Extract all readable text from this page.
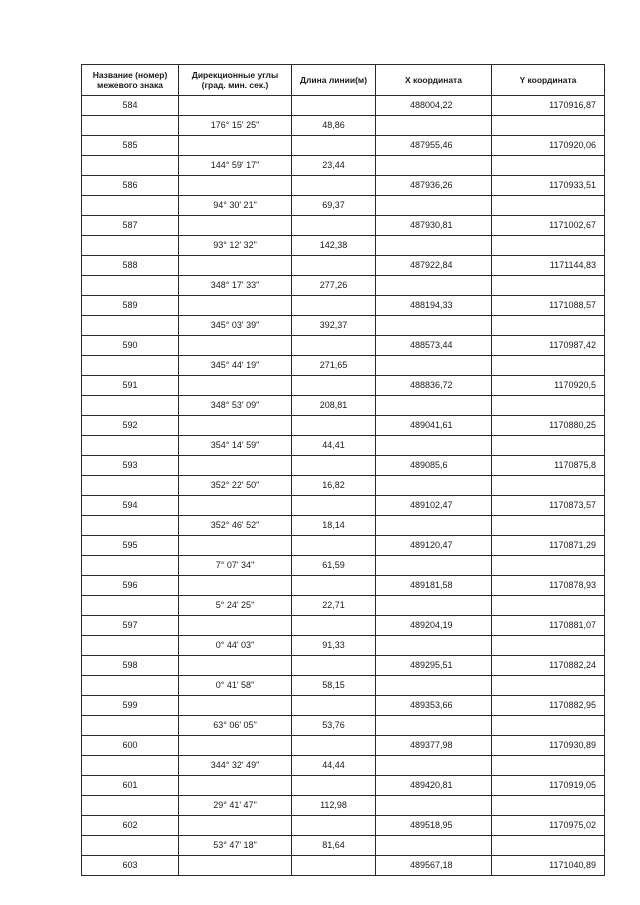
Название (номер) межевого знака	Дирекционные углы (град. мин. сек.)	Длина линии(м)	X координата	Y координата
584			488004,22	1170916,87
	176° 15' 25"	48,86		
585			487955,46	1170920,06
	144° 59' 17"	23,44		
586			487936,26	1170933,51
	94° 30' 21"	69,37		
587			487930,81	1171002,67
	93° 12' 32"	142,38		
588			487922,84	1171144,83
	348° 17' 33"	277,26		
589			488194,33	1171088,57
	345° 03' 39"	392,37		
590			488573,44	1170987,42
	345° 44' 19"	271,65		
591			488836,72	1170920,5
	348° 53' 09"	208,81		
592			489041,61	1170880,25
	354° 14' 59"	44,41		
593			489085,6	1170875,8
	352° 22' 50"	16,82		
594			489102,47	1170873,57
	352° 46' 52"	18,14		
595			489120,47	1170871,29
	7° 07' 34"	61,59		
596			489181,58	1170878,93
	5° 24' 25"	22,71		
597			489204,19	1170881,07
	0° 44' 03"	91,33		
598			489295,51	1170882,24
	0° 41' 58"	58,15		
599			489353,66	1170882,95
	63° 06' 05"	53,76		
600			489377,98	1170930,89
	344° 32' 49"	44,44		
601			489420,81	1170919,05
	29° 41' 47"	112,98		
602			489518,95	1170975,02
	53° 47' 18"	81,64		
603			489567,18	1171040,89
